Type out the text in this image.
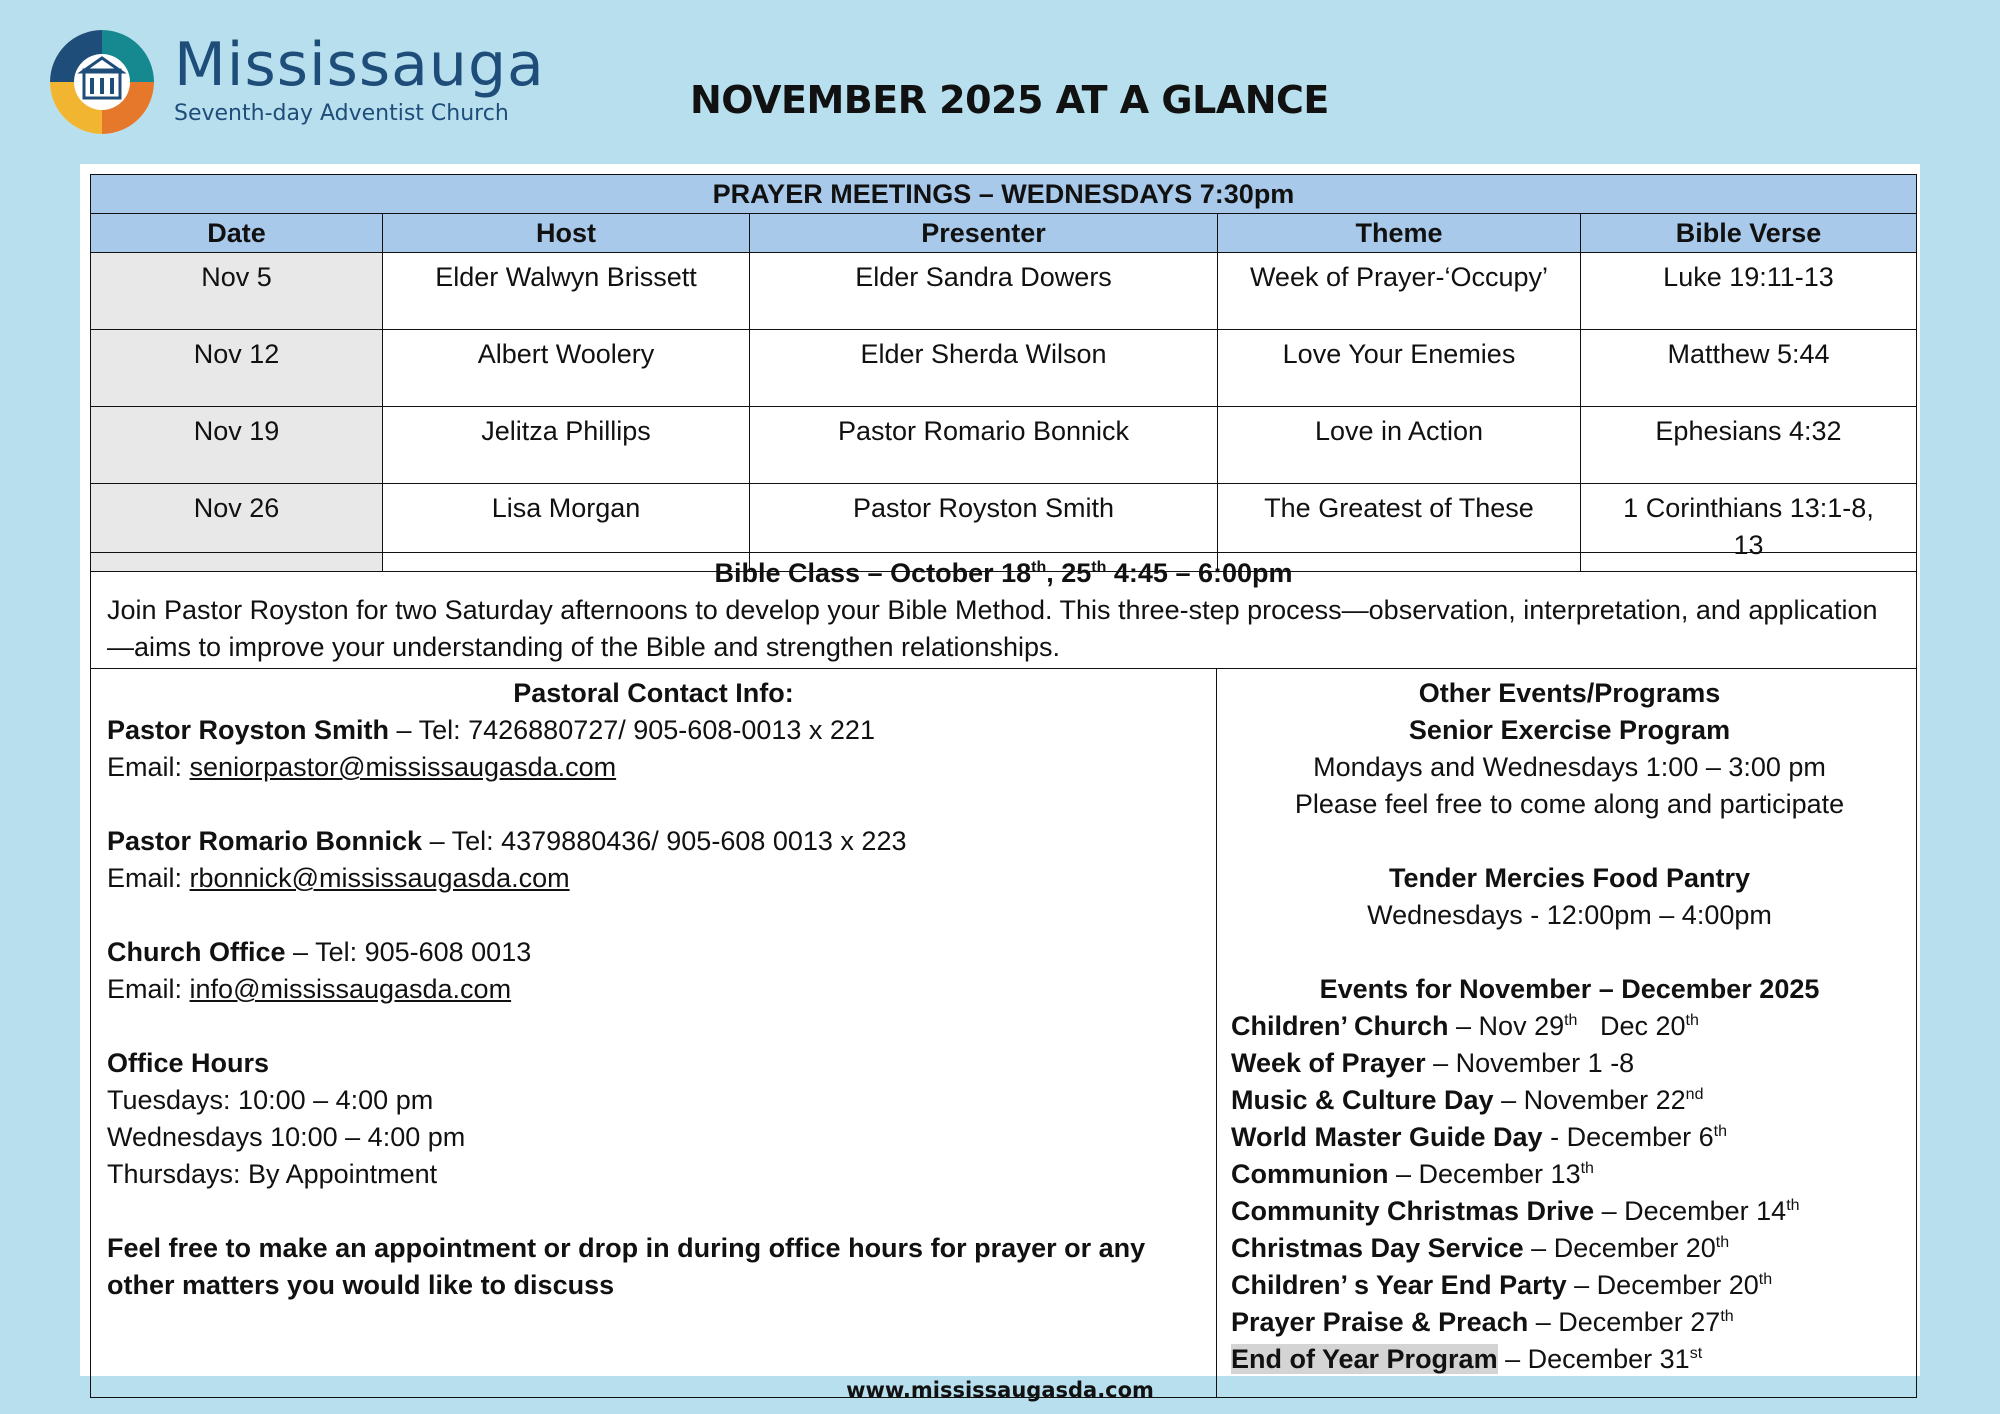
Mississauga
Seventh-day Adventist Church	NOVEMBER 2025 AT A GLANCE
PRAYER MEETINGS – WEDNESDAYS 7:30pm				
Date	Host	Presenter	Theme	Bible Verse
Nov 5	Elder Walwyn Brissett	Elder Sandra Dowers	Week of Prayer-‘Occupy’	Luke 19:11-13
Nov 12	Albert Woolery	Elder Sherda Wilson	Love Your Enemies	Matthew 5:44
Nov 19	Jelitza Phillips	Pastor Romario Bonnick	Love in Action	Ephesians 4:32
Nov 26	Lisa Morgan	Pastor Royston Smith	The Greatest of These	1 Corinthians 13:1-8,
13
Bible Class – October 18th, 25th 4:45 – 6:00pm
Join Pastor Royston for two Saturday afternoons to develop your Bible Method. This three-step process—observation, interpretation, and application—aims to improve your understanding of the Bible and strengthen relationships.

Pastoral Contact Info:
Pastor Royston Smith – Tel: 7426880727/ 905-608-0013 x 221
Email: seniorpastor@mississaugasda.com
Pastor Romario Bonnick – Tel: 4379880436/ 905-608 0013 x 223
Email: rbonnick@mississaugasda.com
Church Office – Tel: 905-608 0013
Email: info@mississaugasda.com
Office Hours
Tuesdays: 10:00 – 4:00 pm
Wednesdays 10:00 – 4:00 pm
Thursdays: By Appointment
Feel free to make an appointment or drop in during office hours for prayer or any other matters you would like to discuss

Other Events/Programs
Senior Exercise Program
Mondays and Wednesdays 1:00 – 3:00 pm
Please feel free to come along and participate
Tender Mercies Food Pantry
Wednesdays - 12:00pm – 4:00pm
Events for November – December 2025
Children’ Church – Nov 29th   Dec 20th
Week of Prayer – November 1 -8
Music & Culture Day – November 22nd
World Master Guide Day - December 6th
Communion – December 13th
Community Christmas Drive – December 14th
Christmas Day Service – December 20th
Children’ s Year End Party – December 20th
Prayer Praise & Preach – December 27th
End of Year Program – December 31st
www.mississaugasda.com
